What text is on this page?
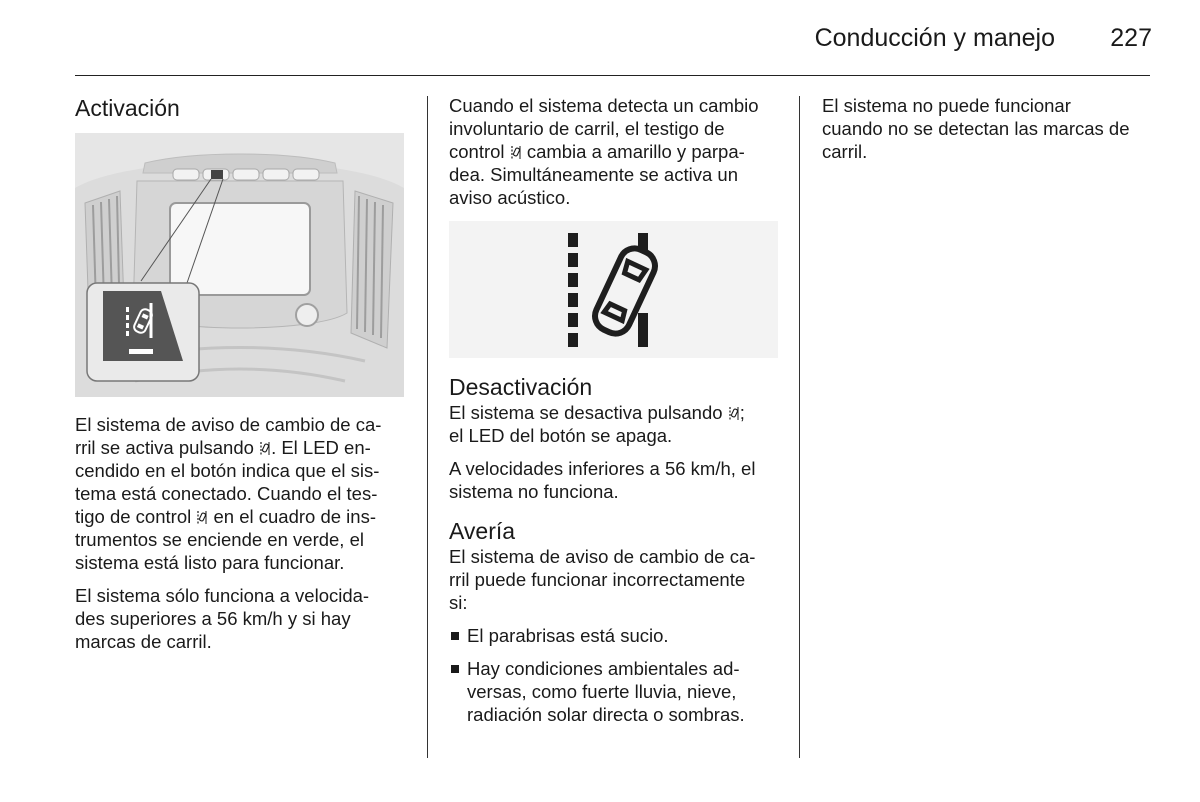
Conducción y manejo 227
Activación

El sistema de aviso de cambio de ca-
rril se activa pulsando . El LED en-
cendido en el botón indica que el sis-
tema está conectado. Cuando el tes-
tigo de control en el cuadro de ins-
trumentos se enciende en verde, el
sistema está listo para funcionar.

El sistema sólo funciona a velocida-
des superiores a 56 km/h y si hay
marcas de carril.

Cuando el sistema detecta un cambio
involuntario de carril, el testigo de
control cambia a amarillo y parpa-
dea. Simultáneamente se activa un
aviso acústico.

Desactivación

El sistema se desactiva pulsando ;
el LED del botón se apaga.

A velocidades inferiores a 56 km/h, el
sistema no funciona.

Avería

El sistema de aviso de cambio de ca-
rril puede funcionar incorrectamente
si:

El parabrisas está sucio.
Hay condiciones ambientales ad-
versas, como fuerte lluvia, nieve,
radiación solar directa o sombras.

El sistema no puede funcionar
cuando no se detectan las marcas de
carril.
